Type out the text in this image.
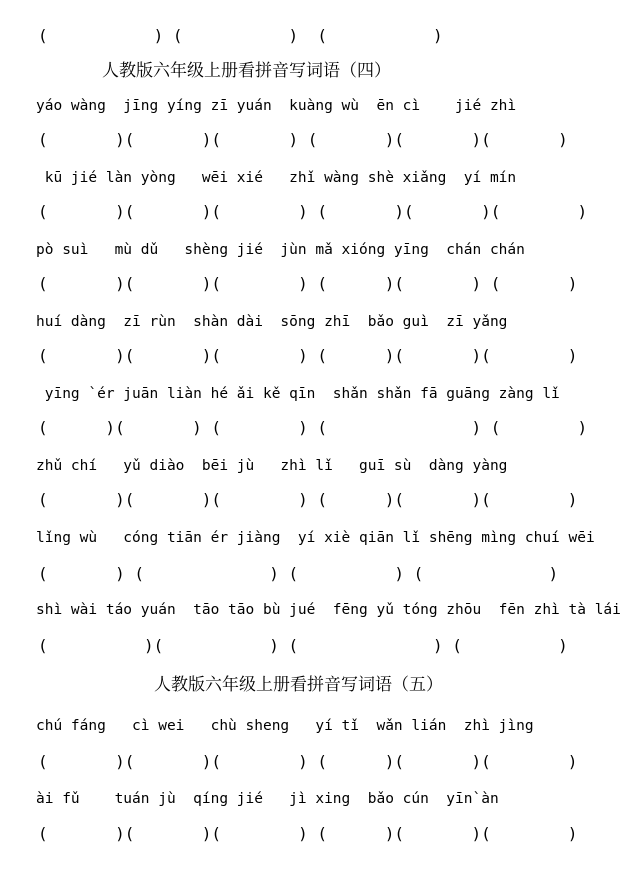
(           ) (           )  (           )
人教版六年级上册看拼音写词语（四）
yáo wàng  jīng yíng zī yuán  kuàng wù  ēn cì    jié zhì
(       )(       )(       ) (       )(       )(       )
kū jié làn yòng   wēi xié   zhǐ wàng shè xiǎng  yí mín
(       )(       )(        ) (       )(       )(        )
pò suì   mù dǔ   shèng jié  jùn mǎ xióng yīng  chán chán
(       )(       )(        ) (      )(       ) (       )
huí dàng  zī rùn  shàn dài  sōng zhī  bǎo guì  zī yǎng
(       )(       )(        ) (      )(       )(        )
yīng `ér juān liàn hé ǎi kě qīn  shǎn shǎn fā guāng zàng lǐ
(      )(       ) (        ) (               ) (        )
zhǔ chí   yǔ diào  bēi jù   zhì lǐ   guī sù  dàng yàng
(       )(       )(        ) (      )(       )(        )
lǐng wù   cóng tiān ér jiàng  yí xiè qiān lǐ shēng mìng chuí wēi
(       ) (             ) (          ) (             )
shì wài táo yuán  tāo tāo bù jué  fēng yǔ tóng zhōu  fēn zhì tà lái
(          )(           ) (              ) (          )
人教版六年级上册看拼音写词语（五）
chú fáng   cì wei   chù sheng   yí tǐ  wǎn lián  zhì jìng
(       )(       )(        ) (      )(       )(        )
ài fǔ    tuán jù  qíng jié   jì xing  bǎo cún  yīn`àn
(       )(       )(        ) (      )(       )(        )
